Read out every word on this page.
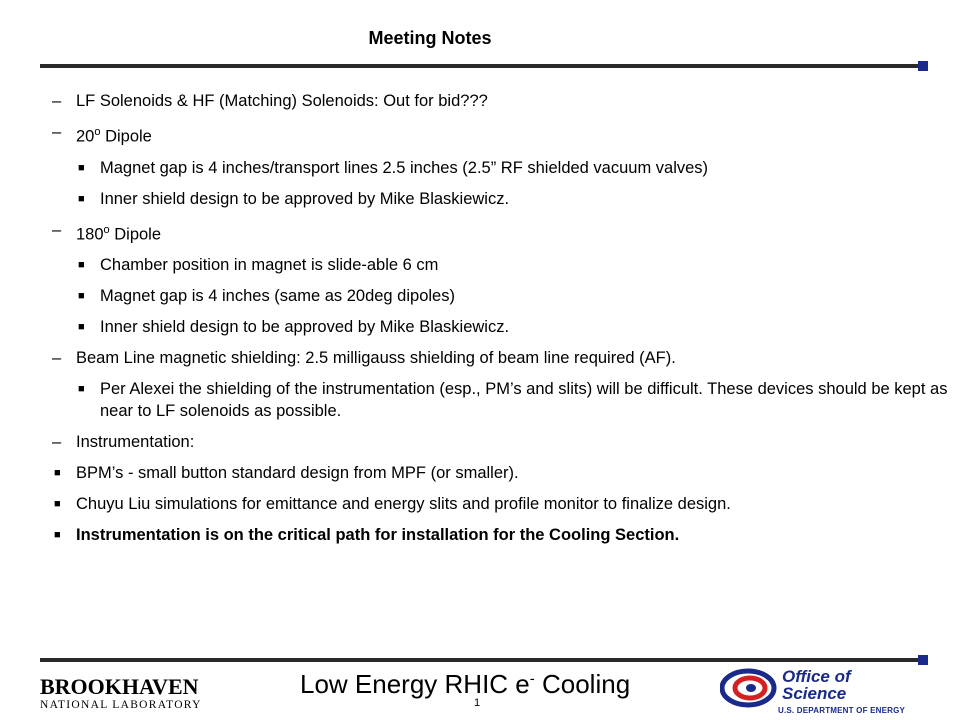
Meeting Notes
– LF Solenoids & HF (Matching) Solenoids: Out for bid???
– 20$^o$ Dipole
■ Magnet gap is 4 inches/transport lines 2.5 inches (2.5” RF shielded vacuum valves)
■ Inner shield design to be approved by Mike Blaskiewicz.
– 180$^o$ Dipole
■ Chamber position in magnet is slide-able 6 cm
■ Magnet gap is 4 inches (same as 20deg dipoles)
■ Inner shield design to be approved by Mike Blaskiewicz.
– Beam Line magnetic shielding: 2.5 milligauss shielding of beam line required (AF).
■ Per Alexei the shielding of the instrumentation (esp., PM’s and slits) will be difficult. These devices should be kept as near to LF solenoids as possible.
– Instrumentation:
■ BPM’s - small button standard design from MPF (or smaller).
■ Chuyu Liu simulations for emittance and energy slits and profile monitor to finalize design.
■ Instrumentation is on the critical path for installation for the Cooling Section.
BROOKHAVEN
NATIONAL LABORATORY
Low Energy RHIC e- Cooling
1
Office of
Science
U.S. DEPARTMENT OF ENERGY
